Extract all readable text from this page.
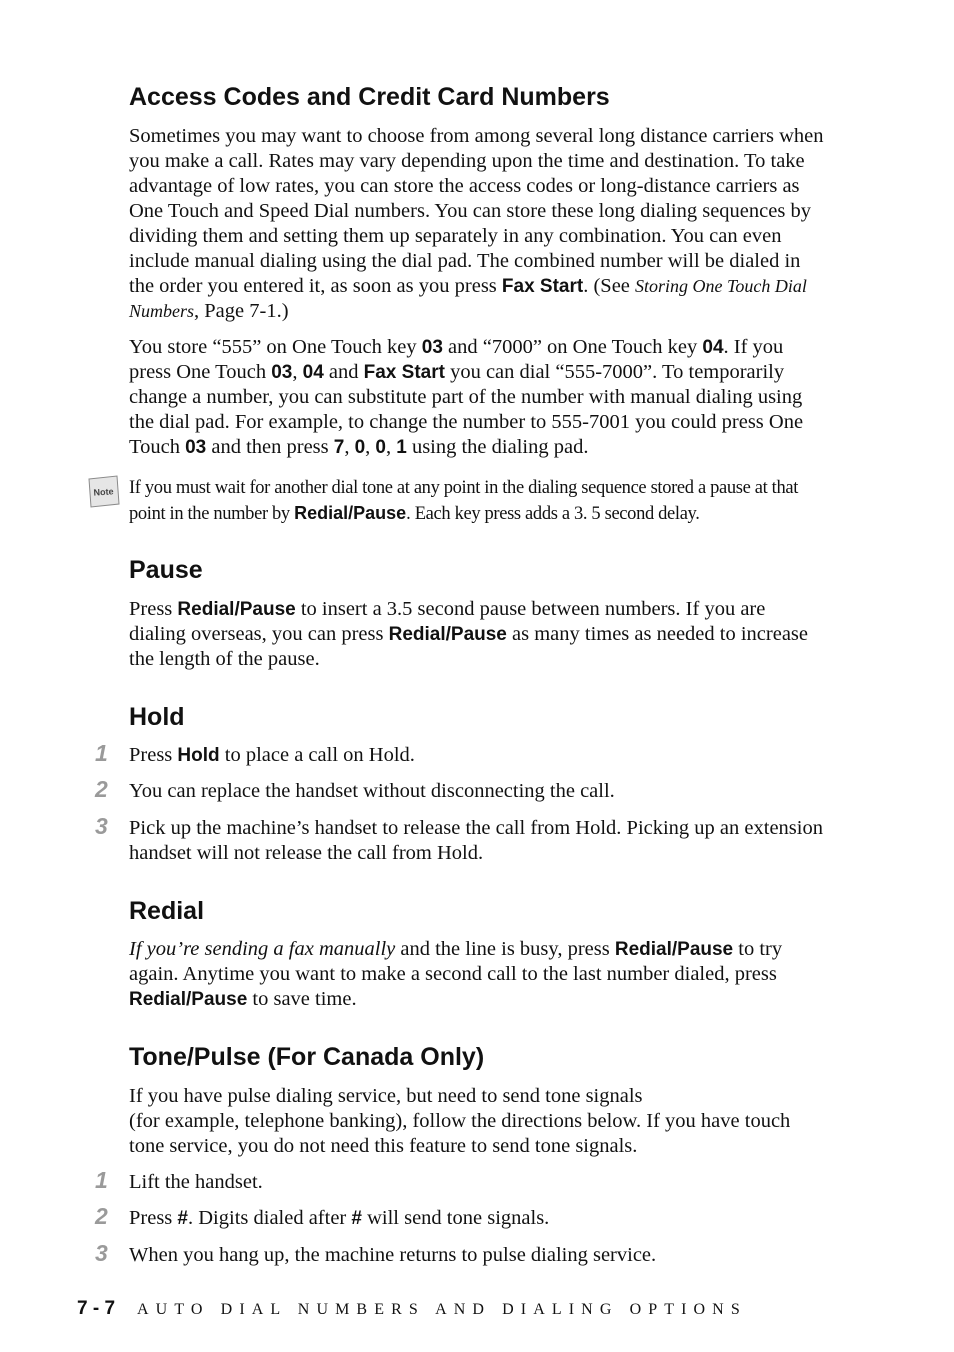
Access Codes and Credit Card Numbers

Sometimes you may want to choose from among several long distance carriers when you make a call. Rates may vary depending upon the time and destination. To take advantage of low rates, you can store the access codes or long-distance carriers as One Touch and Speed Dial numbers. You can store these long dialing sequences by dividing them and setting them up separately in any combination. You can even include manual dialing using the dial pad. The combined number will be dialed in the order you entered it, as soon as you press Fax Start. (See Storing One Touch Dial Numbers, Page 7-1.)

You store “555” on One Touch key 03 and “7000” on One Touch key 04. If you press One Touch 03, 04 and Fax Start you can dial “555-7000”. To temporarily change a number, you can substitute part of the number with manual dialing using the dial pad. For example, to change the number to 555-7001 you could press One Touch 03 and then press 7, 0, 0, 1 using the dialing pad.

If you must wait for another dial tone at any point in the dialing sequence stored a pause at that point in the number by Redial/Pause. Each key press adds a 3. 5 second delay.

Pause

Press Redial/Pause to insert a 3.5 second pause between numbers. If you are dialing overseas, you can press Redial/Pause as many times as needed to increase the length of the pause.

Hold
1 Press Hold to place a call on Hold.
2 You can replace the handset without disconnecting the call.
3 Pick up the machine’s handset to release the call from Hold. Picking up an extension handset will not release the call from Hold.
Redial

If you’re sending a fax manually and the line is busy, press Redial/Pause to try again. Anytime you want to make a second call to the last number dialed, press Redial/Pause to save time.

Tone/Pulse (For Canada Only)

If you have pulse dialing service, but need to send tone signals
(for example, telephone banking), follow the directions below. If you have touch tone service, you do not need this feature to send tone signals.

1 Lift the handset.
2 Press #. Digits dialed after # will send tone signals.
3 When you hang up, the machine returns to pulse dialing service.
Note
7 - 7 AUTO DIAL NUMBERS AND DIALING OPTIONS
